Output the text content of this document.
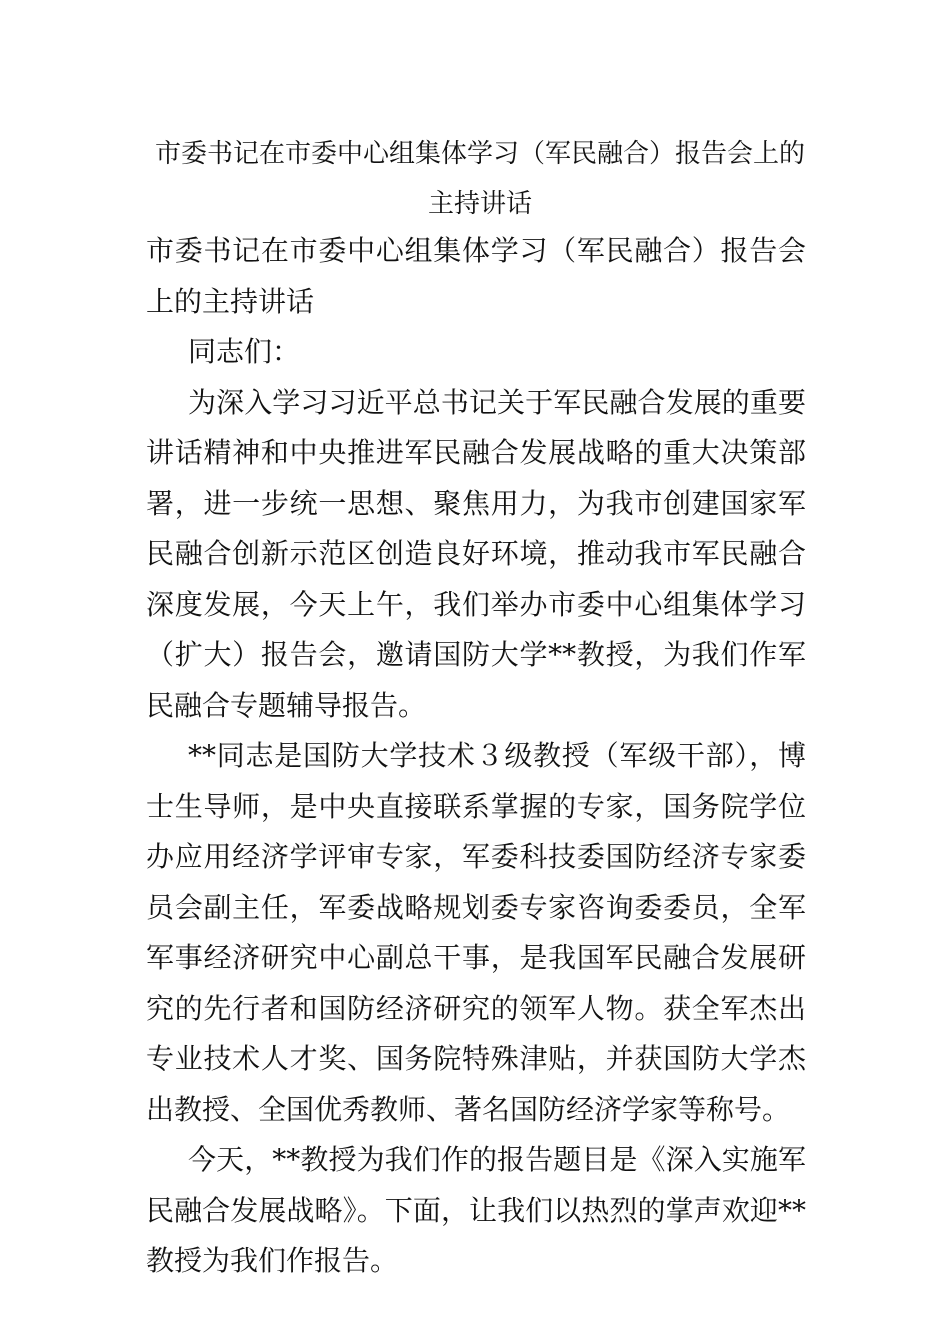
市委书记在市委中心组集体学习（军民融合）报告会上的
主持讲话

市委书记在市委中心组集体学习（军民融合）报告会上的主持讲话

同志们：

为深入学习习近平总书记关于军民融合发展的重要讲话精神和中央推进军民融合发展战略的重大决策部署，进一步统一思想、聚焦用力，为我市创建国家军民融合创新示范区创造良好环境，推动我市军民融合深度发展，今天上午，我们举办市委中心组集体学习（扩大）报告会，邀请国防大学**教授，为我们作军民融合专题辅导报告。

**同志是国防大学技术３级教授（军级干部），博士生导师，是中央直接联系掌握的专家，国务院学位办应用经济学评审专家，军委科技委国防经济专家委员会副主任，军委战略规划委专家咨询委委员，全军军事经济研究中心副总干事，是我国军民融合发展研究的先行者和国防经济研究的领军人物。获全军杰出专业技术人才奖、国务院特殊津贴，并获国防大学杰出教授、全国优秀教师、著名国防经济学家等称号。

今天，**教授为我们作的报告题目是《深入实施军民融合发展战略》。下面，让我们以热烈的掌声欢迎**教授为我们作报告。
